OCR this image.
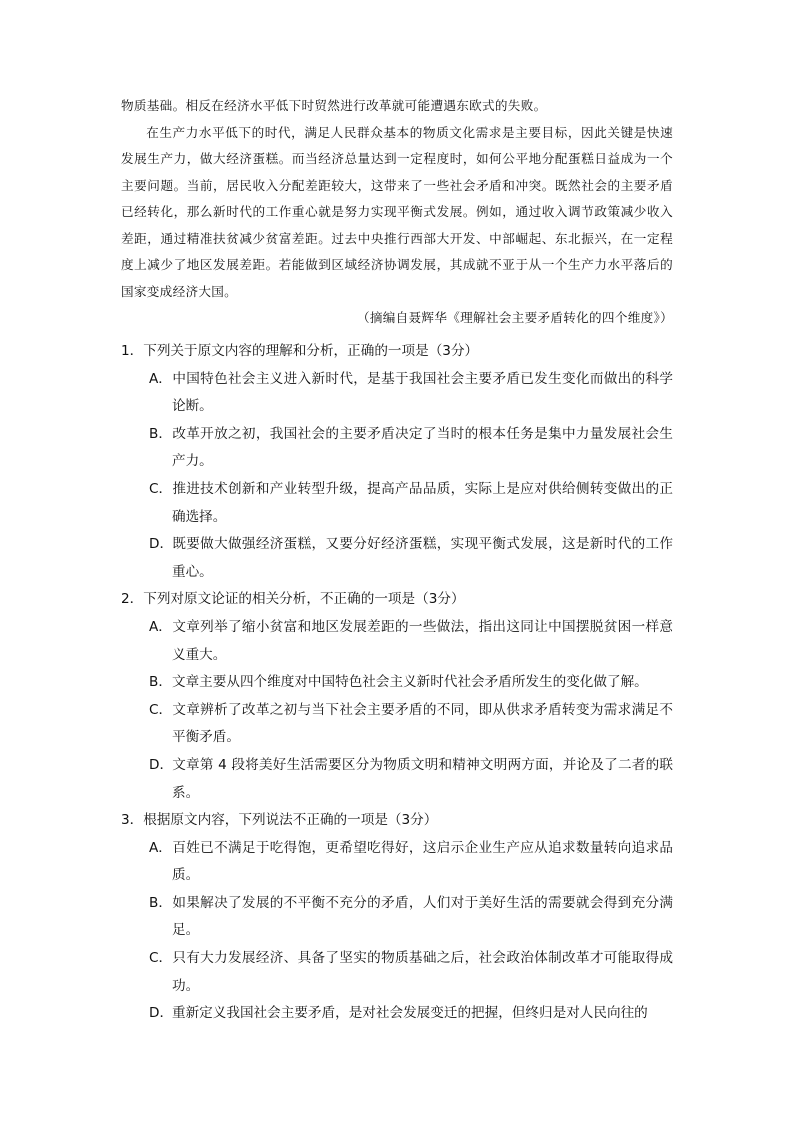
物质基础。相反在经济水平低下时贸然进行改革就可能遭遇东欧式的失败。

在生产力水平低下的时代，满足人民群众基本的物质文化需求是主要目标，因此关键是快速发展生产力，做大经济蛋糕。而当经济总量达到一定程度时，如何公平地分配蛋糕日益成为一个主要问题。当前，居民收入分配差距较大，这带来了一些社会矛盾和冲突。既然社会的主要矛盾已经转化，那么新时代的工作重心就是努力实现平衡式发展。例如，通过收入调节政策减少收入差距，通过精准扶贫减少贫富差距。过去中央推行西部大开发、中部崛起、东北振兴，在一定程度上减少了地区发展差距。若能做到区域经济协调发展，其成就不亚于从一个生产力水平落后的国家变成经济大国。

（摘编自聂辉华《理解社会主要矛盾转化的四个维度》）

1．下列关于原文内容的理解和分析，正确的一项是（3分）

A．中国特色社会主义进入新时代，是基于我国社会主要矛盾已发生变化而做出的科学论断。

B．改革开放之初，我国社会的主要矛盾决定了当时的根本任务是集中力量发展社会生产力。

C．推进技术创新和产业转型升级，提高产品品质，实际上是应对供给侧转变做出的正确选择。

D．既要做大做强经济蛋糕，又要分好经济蛋糕，实现平衡式发展，这是新时代的工作重心。

2．下列对原文论证的相关分析，不正确的一项是（3分）

A．文章列举了缩小贫富和地区发展差距的一些做法，指出这同让中国摆脱贫困一样意义重大。

B．文章主要从四个维度对中国特色社会主义新时代社会矛盾所发生的变化做了解。

C．文章辨析了改革之初与当下社会主要矛盾的不同，即从供求矛盾转变为需求满足不平衡矛盾。

D．文章第 4 段将美好生活需要区分为物质文明和精神文明两方面，并论及了二者的联系。

3．根据原文内容，下列说法不正确的一项是（3分）

A．百姓已不满足于吃得饱，更希望吃得好，这启示企业生产应从追求数量转向追求品质。

B．如果解决了发展的不平衡不充分的矛盾，人们对于美好生活的需要就会得到充分满足。

C．只有大力发展经济、具备了坚实的物质基础之后，社会政治体制改革才可能取得成功。

D．重新定义我国社会主要矛盾，是对社会发展变迁的把握，但终归是对人民向往的
